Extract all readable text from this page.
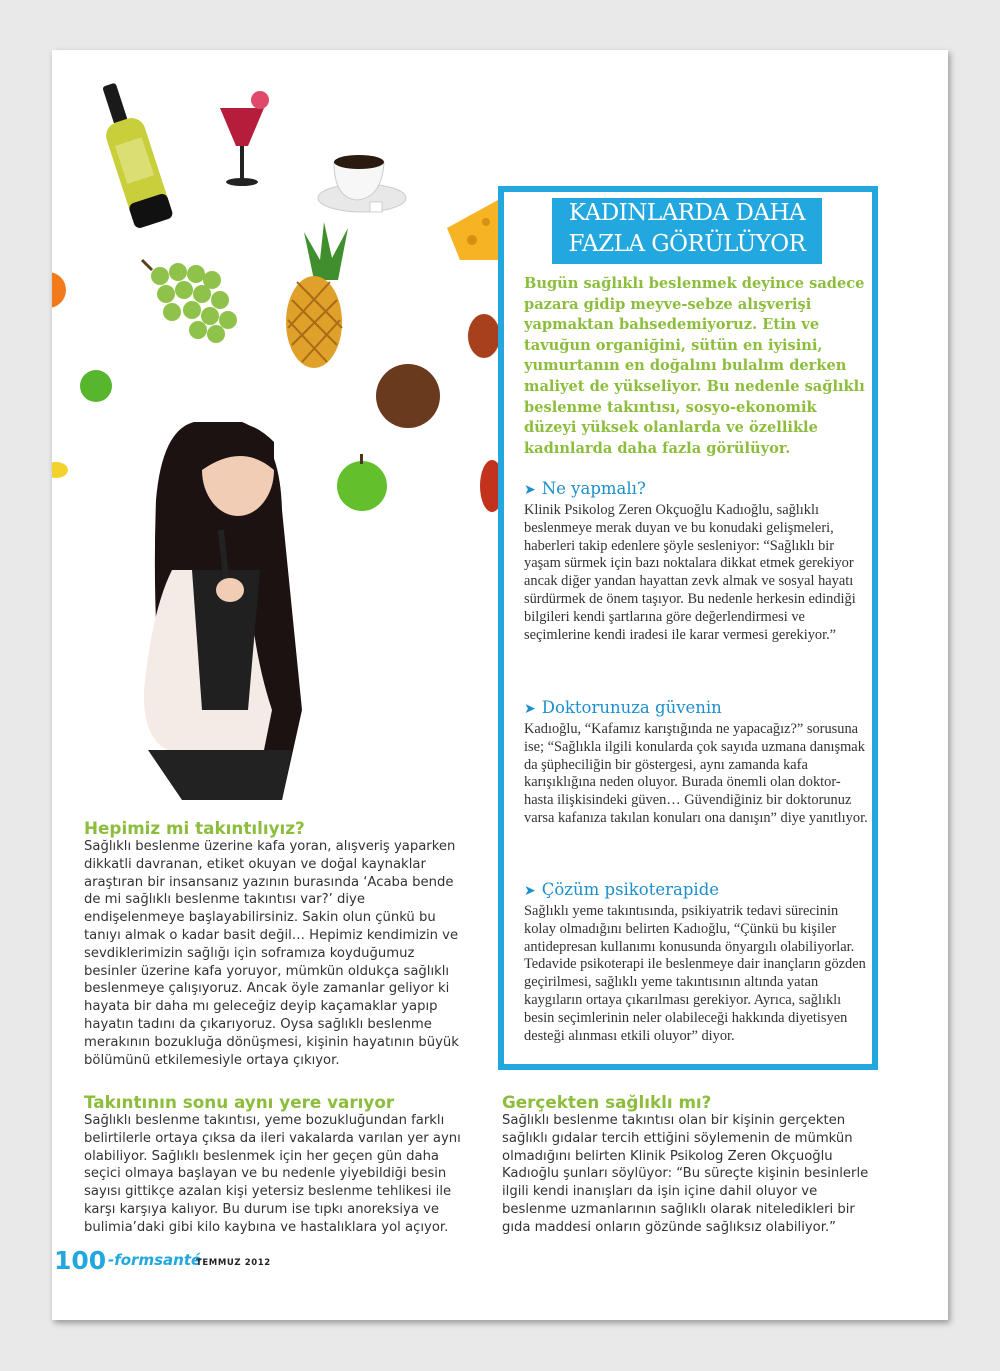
KADINLARDA DAHA
FAZLA GÖRÜLÜYOR
Bugün sağlıklı beslenmek deyince sadece pazara gidip meyve-sebze alışverişi yapmaktan bahsedemiyoruz. Etin ve tavuğun organiğini, sütün en iyisini, yumurtanın en doğalını bulalım derken maliyet de yükseliyor. Bu nedenle sağlıklı beslenme takıntısı, sosyo-ekonomik düzeyi yüksek olanlarda ve özellikle kadınlarda daha fazla görülüyor.
➤ Ne yapmalı?
Klinik Psikolog Zeren Okçuoğlu Kadıoğlu, sağlıklı beslenmeye merak duyan ve bu konudaki gelişmeleri, haberleri takip edenlere şöyle sesleniyor: “Sağlıklı bir yaşam sürmek için bazı noktalara dikkat etmek gerekiyor ancak diğer yandan hayattan zevk almak ve sosyal hayatı sürdürmek de önem taşıyor. Bu nedenle herkesin edindiği bilgileri kendi şartlarına göre değerlendirmesi ve seçimlerine kendi iradesi ile karar vermesi gerekiyor.”
➤ Doktorunuza güvenin
Kadıoğlu, “Kafamız karıştığında ne yapacağız?” sorusuna ise; “Sağlıkla ilgili konularda çok sayıda uzmana danışmak da şüpheciliğin bir göstergesi, aynı zamanda kafa karışıklığına neden oluyor. Burada önemli olan doktor-hasta ilişkisindeki güven… Güvendiğiniz bir doktorunuz varsa kafanıza takılan konuları ona danışın” diye yanıtlıyor.
➤ Çözüm psikoterapide
Sağlıklı yeme takıntısında, psikiyatrik tedavi sürecinin kolay olmadığını belirten Kadıoğlu, “Çünkü bu kişiler antidepresan kullanımı konusunda önyargılı olabiliyorlar. Tedavide psikoterapi ile beslenmeye dair inançların gözden geçirilmesi, sağlıklı yeme takıntısının altında yatan kaygıların ortaya çıkarılması gerekiyor. Ayrıca, sağlıklı besin seçimlerinin neler olabileceği hakkında diyetisyen desteği alınması etkili oluyor” diyor.
Hepimiz mi takıntılıyız?

Sağlıklı beslenme üzerine kafa yoran, alışveriş yaparken dikkatli davranan, etiket okuyan ve doğal kaynaklar araştıran bir insansanız yazının burasında ‘Acaba bende de mi sağlıklı beslenme takıntısı var?’ diye endişelenmeye başlayabilirsiniz. Sakin olun çünkü bu tanıyı almak o kadar basit değil… Hepimiz kendimizin ve sevdiklerimizin sağlığı için soframıza koyduğumuz besinler üzerine kafa yoruyor, mümkün oldukça sağlıklı beslenmeye çalışıyoruz. Ancak öyle zamanlar geliyor ki hayata bir daha mı geleceğiz deyip kaçamaklar yapıp hayatın tadını da çıkarıyoruz. Oysa sağlıklı beslenme merakının bozukluğa dönüşmesi, kişinin hayatının büyük bölümünü etkilemesiyle ortaya çıkıyor.

Takıntının sonu aynı yere varıyor

Sağlıklı beslenme takıntısı, yeme bozukluğundan farklı belirtilerle ortaya çıksa da ileri vakalarda varılan yer aynı olabiliyor. Sağlıklı beslenmek için her geçen gün daha seçici olmaya başlayan ve bu nedenle yiyebildiği besin sayısı gittikçe azalan kişi yetersiz beslenme tehlikesi ile karşı karşıya kalıyor. Bu durum ise tıpkı anoreksiya ve bulimia’daki gibi kilo kaybına ve hastalıklara yol açıyor.

Gerçekten sağlıklı mı?

Sağlıklı beslenme takıntısı olan bir kişinin gerçekten sağlıklı gıdalar tercih ettiğini söylemenin de mümkün olmadığını belirten Klinik Psikolog Zeren Okçuoğlu Kadıoğlu şunları söylüyor: “Bu süreçte kişinin besinlerle ilgili kendi inanışları da işin içine dahil oluyor ve beslenme uzmanlarının sağlıklı olarak niteledikleri bir gıda maddesi onların gözünde sağlıksız olabiliyor.”

100 -formsanté
TEMMUZ 2012
